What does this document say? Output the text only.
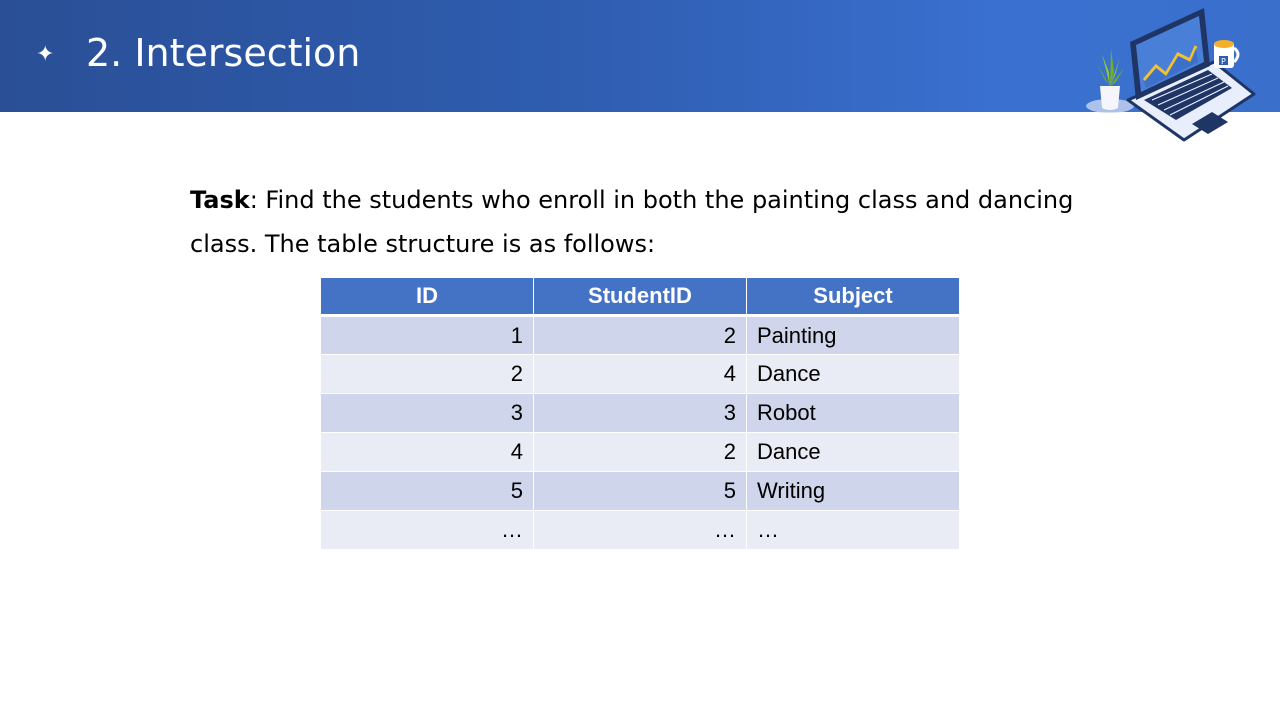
✦ 2. Intersection	P
Task: Find the students who enroll in both the painting class and dancing class. The table structure is as follows:
ID	StudentID	Subject
1	2	Painting
2	4	Dance
3	3	Robot
4	2	Dance
5	5	Writing
…	…	…
